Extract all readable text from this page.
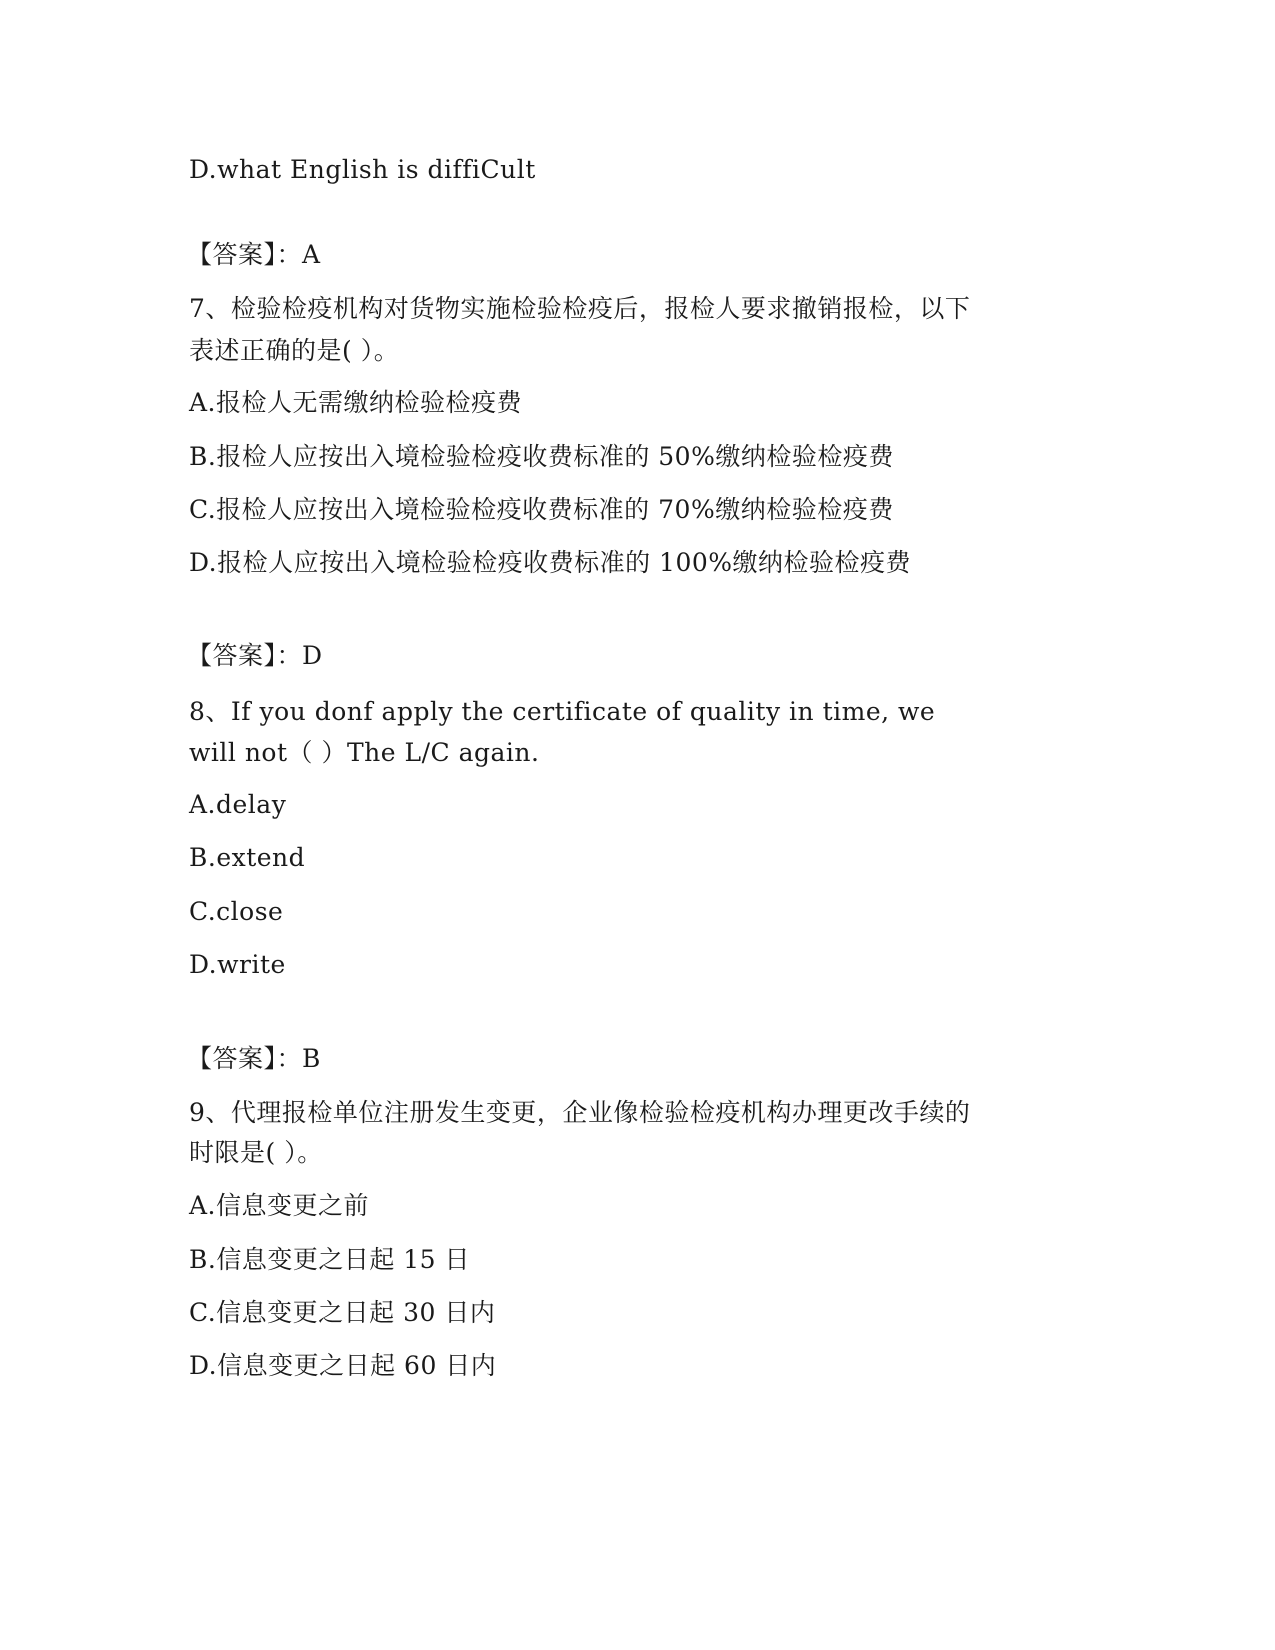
D.what English is diffiCult
【答案】：A
7、检验检疫机构对货物实施检验检疫后，报检人要求撤销报检，以下
表述正确的是( ）。
A.报检人无需缴纳检验检疫费
B.报检人应按出入境检验检疫收费标准的 50%缴纳检验检疫费
C.报检人应按出入境检验检疫收费标准的 70%缴纳检验检疫费
D.报检人应按出入境检验检疫收费标准的 100%缴纳检验检疫费
【答案】：D
8、If you donf apply the certificate of quality in time, we
will not（ ）The L/C again.
A.delay
B.extend
C.close
D.write
【答案】：B
9、代理报检单位注册发生变更，企业像检验检疫机构办理更改手续的
时限是( ）。
A.信息变更之前
B.信息变更之日起 15 日
C.信息变更之日起 30 日内
D.信息变更之日起 60 日内
